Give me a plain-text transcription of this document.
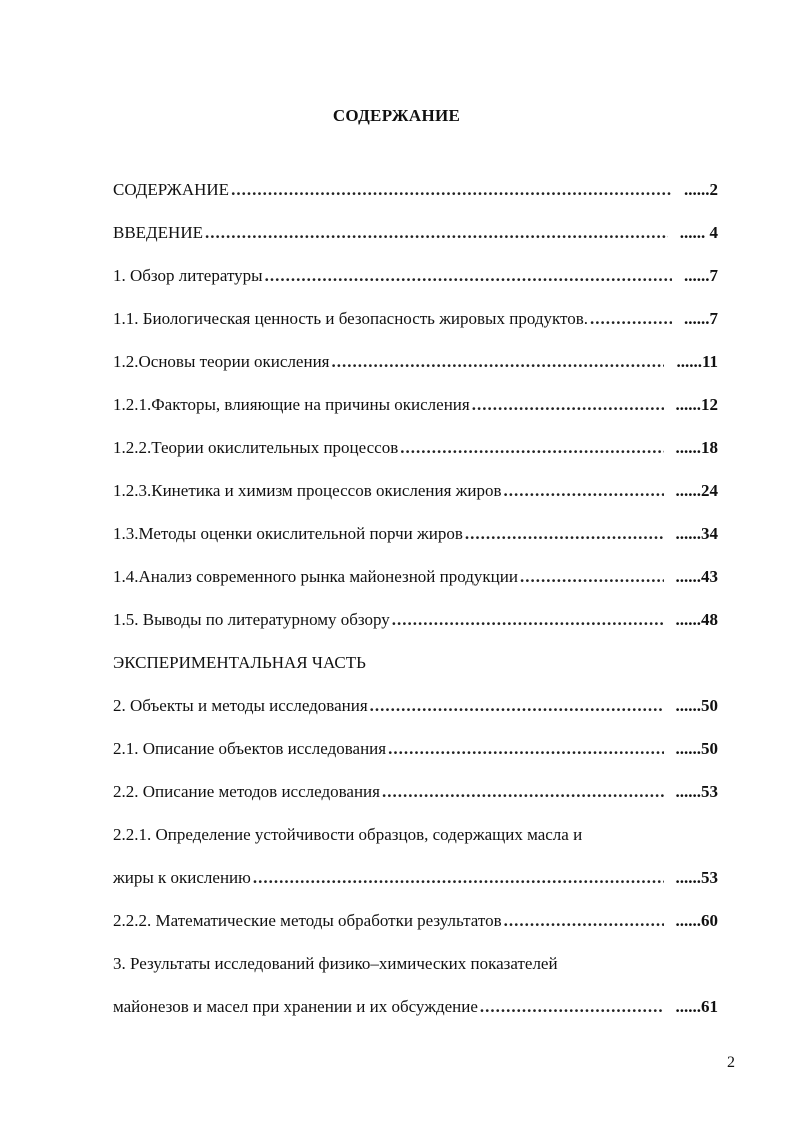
СОДЕРЖАНИЕ
СОДЕРЖАНИЕ .....	......2
ВВЕДЕНИЕ .....	...... 4
1. Обзор литературы .....	......7
1.1. Биологическая ценность и безопасность жировых продуктов. .....	......7
1.2.Основы теории окисления .....	......11
1.2.1.Факторы, влияющие на причины окисления .....	......12
1.2.2.Теории окислительных процессов .....	......18
1.2.3.Кинетика и химизм процессов окисления жиров .....	......24
1.3.Методы оценки окислительной порчи жиров .....	......34
1.4.Анализ современного рынка майонезной продукции .....	......43
1.5. Выводы по литературному обзору .....	......48
ЭКСПЕРИМЕНТАЛЬНАЯ ЧАСТЬ
2. Объекты и методы исследования .....	......50
2.1. Описание объектов исследования .....	......50
2.2. Описание методов исследования .....	......53
2.2.1. Определение устойчивости образцов, содержащих масла и
жиры к окислению .....	......53
2.2.2. Математические методы обработки результатов .....	......60
3. Результаты исследований физико–химических показателей
майонезов и масел при хранении и их обсуждение .....	......61
2
